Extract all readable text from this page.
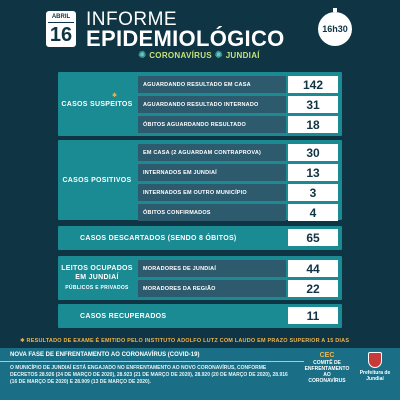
ABRIL
16
INFORME
EPIDEMIOLÓGICO
✺ CORONAVÍRUS ✺ JUNDIAÍ
16h30
✱
CASOS SUSPEITOS
AGUARDANDO RESULTADO EM CASA
AGUARDANDO RESULTADO INTERNADO
ÓBITOS AGUARDANDO RESULTADO
142
31
18
CASOS POSITIVOS
EM CASA (2 AGUARDAM CONTRAPROVA)
INTERNADOS EM JUNDIAÍ
INTERNADOS EM OUTRO MUNICÍPIO
ÓBITOS CONFIRMADOS
30
13
3
4
CASOS DESCARTADOS (SENDO 8 ÓBITOS)	65
LEITOS OCUPADOS EM JUNDIAÍ
PÚBLICOS E PRIVADOS
MORADORES DE JUNDIAÍ
MORADORES DA REGIÃO
44
22
CASOS RECUPERADOS	11
✱ RESULTADO DE EXAME É EMITIDO PELO INSTITUTO ADOLFO LUTZ COM LAUDO EM PRAZO SUPERIOR A 15 DIAS
NOVA FASE DE ENFRENTAMENTO AO CORONAVÍRUS (COVID-19)
O MUNICÍPIO DE JUNDIAÍ ESTÁ ENGAJADO NO ENFRENTAMENTO AO NOVO CORONAVÍRUS, CONFORME DECRETOS 28.926 (24 DE MARÇO DE 2020), 28.923 (21 DE MARÇO DE 2020), 28.920 (20 DE MARÇO DE 2020), 28.916 (16 DE MARÇO DE 2020) E 28.909 (13 DE MARÇO DE 2020).
CEC
COMITÊ DE ENFRENTAMENTO AO CORONAVÍRUS
Prefeitura de Jundiaí
